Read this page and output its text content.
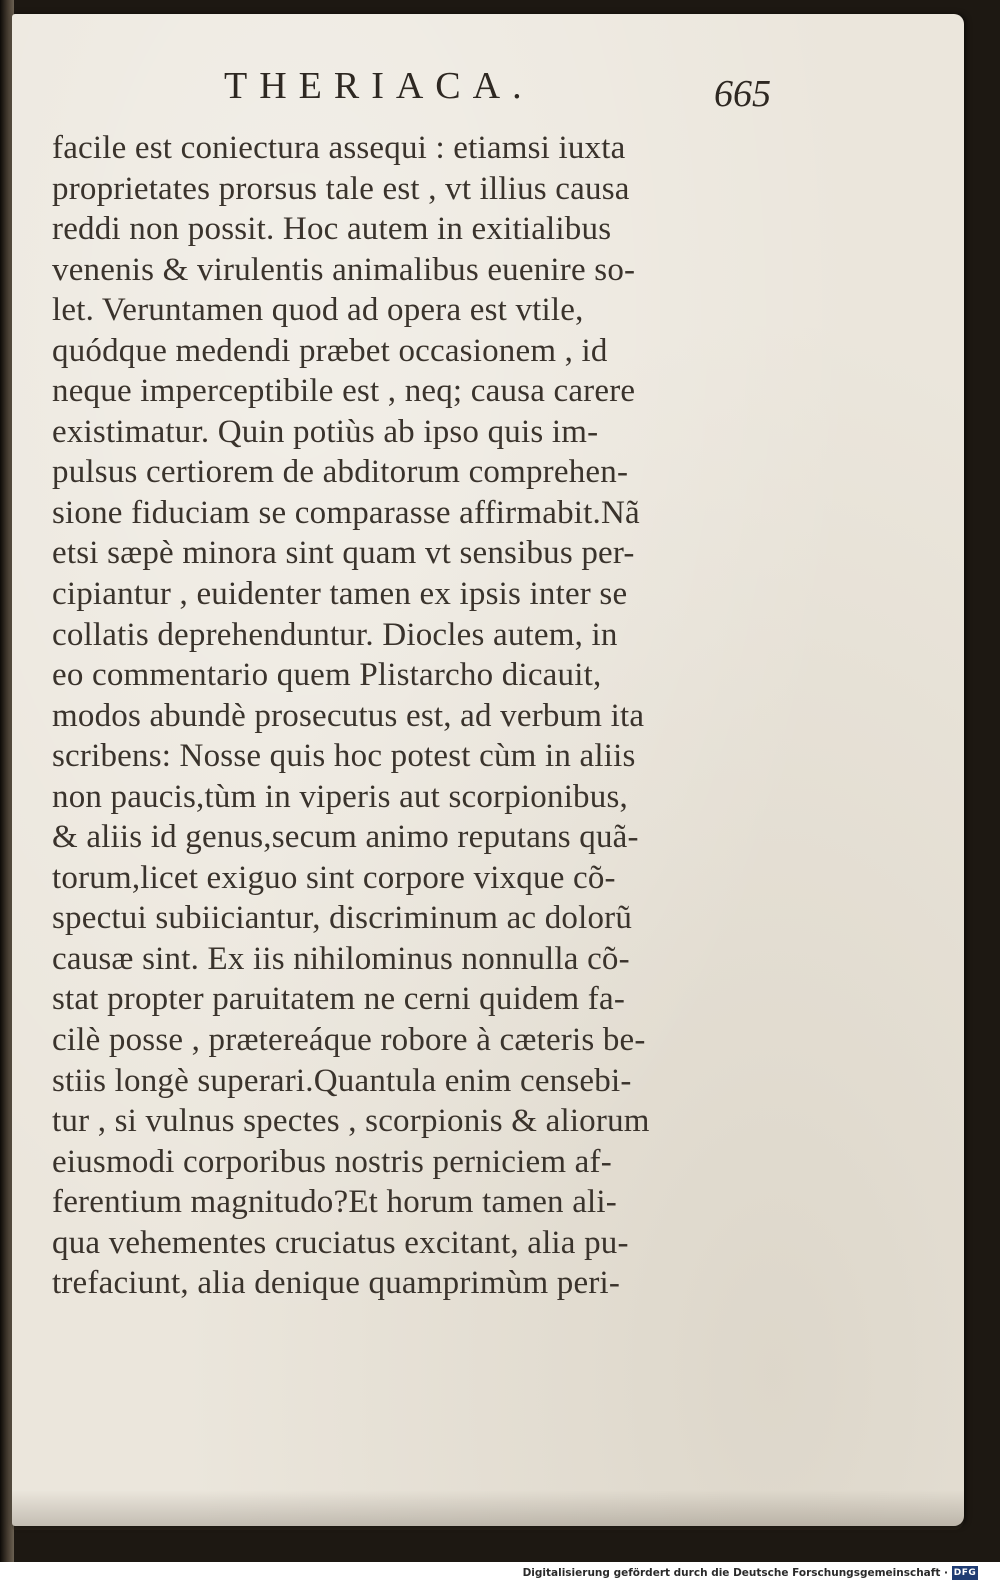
THERIACA.	665
facile est coniectura assequi : etiamsi iuxta
proprietates prorsus tale est , vt illius causa
reddi non possit. Hoc autem in exitialibus
venenis & virulentis animalibus euenire so-
let. Veruntamen quod ad opera est vtile,
quódque medendi præbet occasionem , id
neque imperceptibile est , neq; causa carere
existimatur. Quin potiùs ab ipso quis im-
pulsus certiorem de abditorum comprehen-
sione fiduciam se comparasse affirmabit.Nã
etsi sæpè minora sint quam vt sensibus per-
cipiantur , euidenter tamen ex ipsis inter se
collatis deprehenduntur. Diocles autem, in
eo commentario quem Plistarcho dicauit,
modos abundè prosecutus est, ad verbum ita
scribens: Nosse quis hoc potest cùm in aliis
non paucis,tùm in viperis aut scorpionibus,
& aliis id genus,secum animo reputans quã-
torum,licet exiguo sint corpore vixque cõ-
spectui subiiciantur, discriminum ac dolorũ
causæ sint. Ex iis nihilominus nonnulla cõ-
stat propter paruitatem ne cerni quidem fa-
cilè posse , prætereáque robore à cæteris be-
stiis longè superari.Quantula enim censebi-
tur , si vulnus spectes , scorpionis & aliorum
eiusmodi corporibus nostris perniciem af-
ferentium magnitudo?Et horum tamen ali-
qua vehementes cruciatus excitant, alia pu-
trefaciunt, alia denique quamprimùm peri-
Digitalisierung gefördert durch die Deutsche Forschungsgemeinschaft · DFG
